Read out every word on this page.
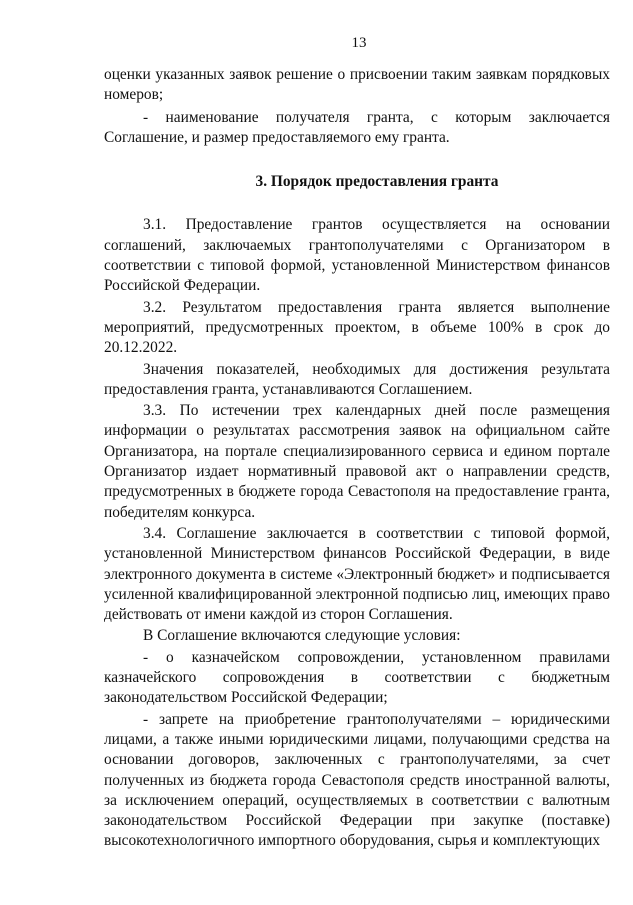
13

оценки указанных заявок решение о присвоении таким заявкам порядковых номеров;

- наименование получателя гранта, с которым заключается Соглашение, и размер предоставляемого ему гранта.

3. Порядок предоставления гранта

3.1. Предоставление грантов осуществляется на основании соглашений, заключаемых грантополучателями с Организатором в соответствии с типовой формой, установленной Министерством финансов Российской Федерации.

3.2. Результатом предоставления гранта является выполнение мероприятий, предусмотренных проектом, в объеме 100% в срок до 20.12.2022.

Значения показателей, необходимых для достижения результата предоставления гранта, устанавливаются Соглашением.

3.3. По истечении трех календарных дней после размещения информации о результатах рассмотрения заявок на официальном сайте Организатора, на портале специализированного сервиса и едином портале Организатор издает нормативный правовой акт о направлении средств, предусмотренных в бюджете города Севастополя на предоставление гранта, победителям конкурса.

3.4. Соглашение заключается в соответствии с типовой формой, установленной Министерством финансов Российской Федерации, в виде электронного документа в системе «Электронный бюджет» и подписывается усиленной квалифицированной электронной подписью лиц, имеющих право действовать от имени каждой из сторон Соглашения.

В Соглашение включаются следующие условия:

- о казначейском сопровождении, установленном правилами казначейского сопровождения в соответствии с бюджетным законодательством Российской Федерации;

- запрете на приобретение грантополучателями – юридическими лицами, а также иными юридическими лицами, получающими средства на основании договоров, заключенных с грантополучателями, за счет полученных из бюджета города Севастополя средств иностранной валюты, за исключением операций, осуществляемых в соответствии с валютным законодательством Российской Федерации при закупке (поставке) высокотехнологичного импортного оборудования, сырья и комплектующих
